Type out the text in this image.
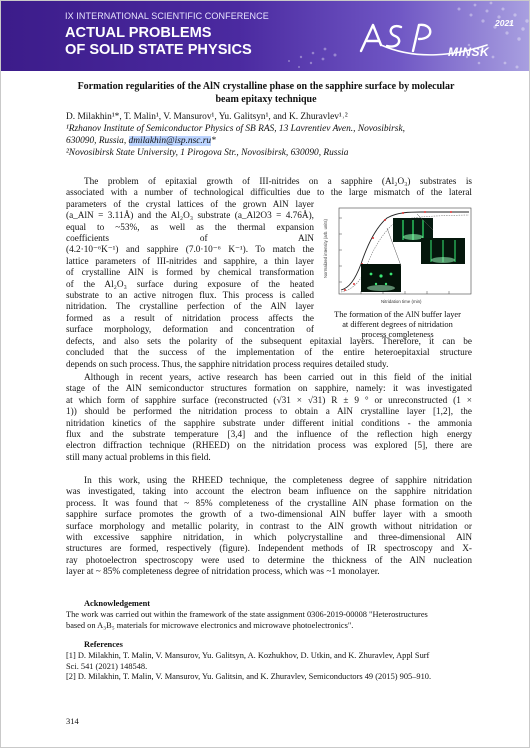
IX INTERNATIONAL SCIENTIFIC CONFERENCE
ACTUAL PROBLEMS
OF SOLID STATE PHYSICS
2021
MINSK
Formation regularities of the AlN crystalline phase on the sapphire surface by molecular
beam epitaxy technique
D. Milakhin¹*, T. Malin¹, V. Mansurov¹, Yu. Galitsyn¹, and K. Zhuravlev¹˒²
¹Rzhanov Institute of Semiconductor Physics of SB RAS, 13 Lavrentiev Aven., Novosibirsk,
630090, Russia, dmilakhin@isp.nsc.ru*
²Novosibirsk State University, 1 Pirogova Str., Novosibirsk, 630090, Russia
The problem of epitaxial growth of III-nitrides on a sapphire (Al₂O₃) substrates is
associated with a number of technological difficulties due to the large mismatch of the lateral
parameters of the crystal lattices of the grown AlN layer
(a_AlN = 3.11Å) and the Al₂O₃ substrate (a_Al2O3 = 4.76Å),
equal to ~53%, as well as the thermal expansion
coefficients of AlN
(4.2·10⁻⁶K⁻¹) and sapphire (7.0·10⁻⁶ K⁻¹). To match the
lattice parameters of III-nitrides and sapphire, a thin layer
of crystalline AlN is formed by chemical transformation
of the Al₂O₃ surface during exposure of the heated
substrate to an active nitrogen flux. This process is called
nitridation. The crystalline perfection of the AlN layer
formed as a result of nitridation process affects the
surface morphology, deformation and concentration of
defects, and also sets the polarity of the subsequent epitaxial layers. Therefore, it can be
concluded that the success of the implementation of the entire heteroepitaxial structure
depends on such process. Thus, the sapphire nitridation process requires detailed study.
Although in recent years, active research has been carried out in this field of the initial
stage of the AlN semiconductor structures formation on sapphire, namely: it was investigated
at which form of sapphire surface (reconstructed (√31 × √31) R ± 9 ° or unreconstructed (1 ×
1)) should be performed the nitridation process to obtain a AlN crystalline layer [1,2], the
nitridation kinetics of the sapphire substrate under different initial conditions - the ammonia
flux and the substrate temperature [3,4] and the influence of the reflection high energy
electron diffraction technique (RHEED) on the nitridation process was explored [5], there are
still many actual problems in this field.
In this work, using the RHEED technique, the completeness degree of sapphire nitridation
was investigated, taking into account the electron beam influence on the sapphire nitridation
process. It was found that ~ 85% completeness of the crystalline AlN phase formation on the
sapphire surface promotes the growth of a two-dimensional AlN buffer layer with a smooth
surface morphology and metallic polarity, in contrast to the AlN growth without nitridation or
with excessive sapphire nitridation, in which polycrystalline and three-dimensional AlN
structures are formed, respectively (figure). Independent methods of IR spectroscopy and X-
ray photoelectron spectroscopy were used to determine the thickness of the AlN nucleation
layer at ~ 85% completeness degree of nitridation process, which was ~1 monolayer.
Normalized intensity (arb. units)
Nitridation time (min)
The formation of the AlN buffer layer
at different degrees of nitridation
process completeness
Acknowledgement
The work was carried out within the framework of the state assignment 0306-2019-00008 "Heterostructures
based on A₃B₅ materials for microwave electronics and microwave photoelectronics".
References
[1] D. Milakhin, T. Malin, V. Mansurov, Yu. Galitsyn, A. Kozhukhov, D. Utkin, and K. Zhuravlev, Appl Surf
Sci. 541 (2021) 148548.
[2] D. Milakhin, T. Malin, V. Mansurov, Yu. Galitsin, and K. Zhuravlev, Semiconductors 49 (2015) 905–910.
314
